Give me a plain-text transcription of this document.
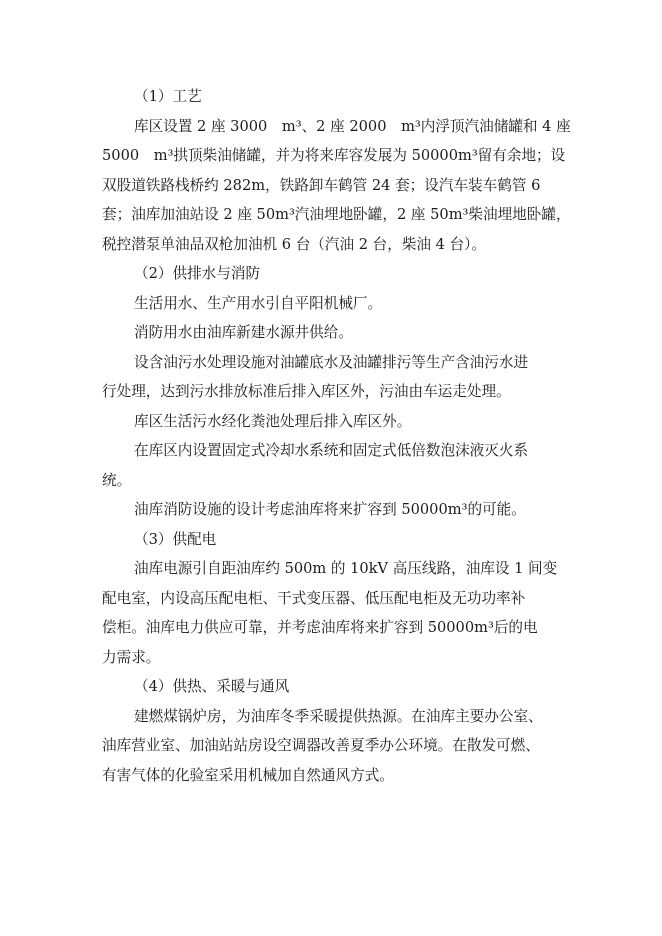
（1）工艺
库区设置 2 座 3000　m³、2 座 2000　m³内浮顶汽油储罐和 4 座
5000　m³拱顶柴油储罐，并为将来库容发展为 50000m³留有余地；设
双股道铁路栈桥约 282m，铁路卸车鹤管 24 套；设汽车装车鹤管 6
套；油库加油站设 2 座 50m³汽油埋地卧罐，2 座 50m³柴油埋地卧罐，
税控潜泵单油品双枪加油机 6 台（汽油 2 台，柴油 4 台）。
（2）供排水与消防
生活用水、生产用水引自平阳机械厂。
消防用水由油库新建水源井供给。
设含油污水处理设施对油罐底水及油罐排污等生产含油污水进
行处理，达到污水排放标准后排入库区外，污油由车运走处理。
库区生活污水经化粪池处理后排入库区外。
在库区内设置固定式冷却水系统和固定式低倍数泡沫液灭火系
统。
油库消防设施的设计考虑油库将来扩容到 50000m³的可能。
（3）供配电
油库电源引自距油库约 500m 的 10kV 高压线路，油库设 1 间变
配电室，内设高压配电柜、干式变压器、低压配电柜及无功功率补
偿柜。油库电力供应可靠，并考虑油库将来扩容到 50000m³后的电
力需求。
（4）供热、采暖与通风
建燃煤锅炉房，为油库冬季采暖提供热源。在油库主要办公室、
油库营业室、加油站站房设空调器改善夏季办公环境。在散发可燃、
有害气体的化验室采用机械加自然通风方式。
